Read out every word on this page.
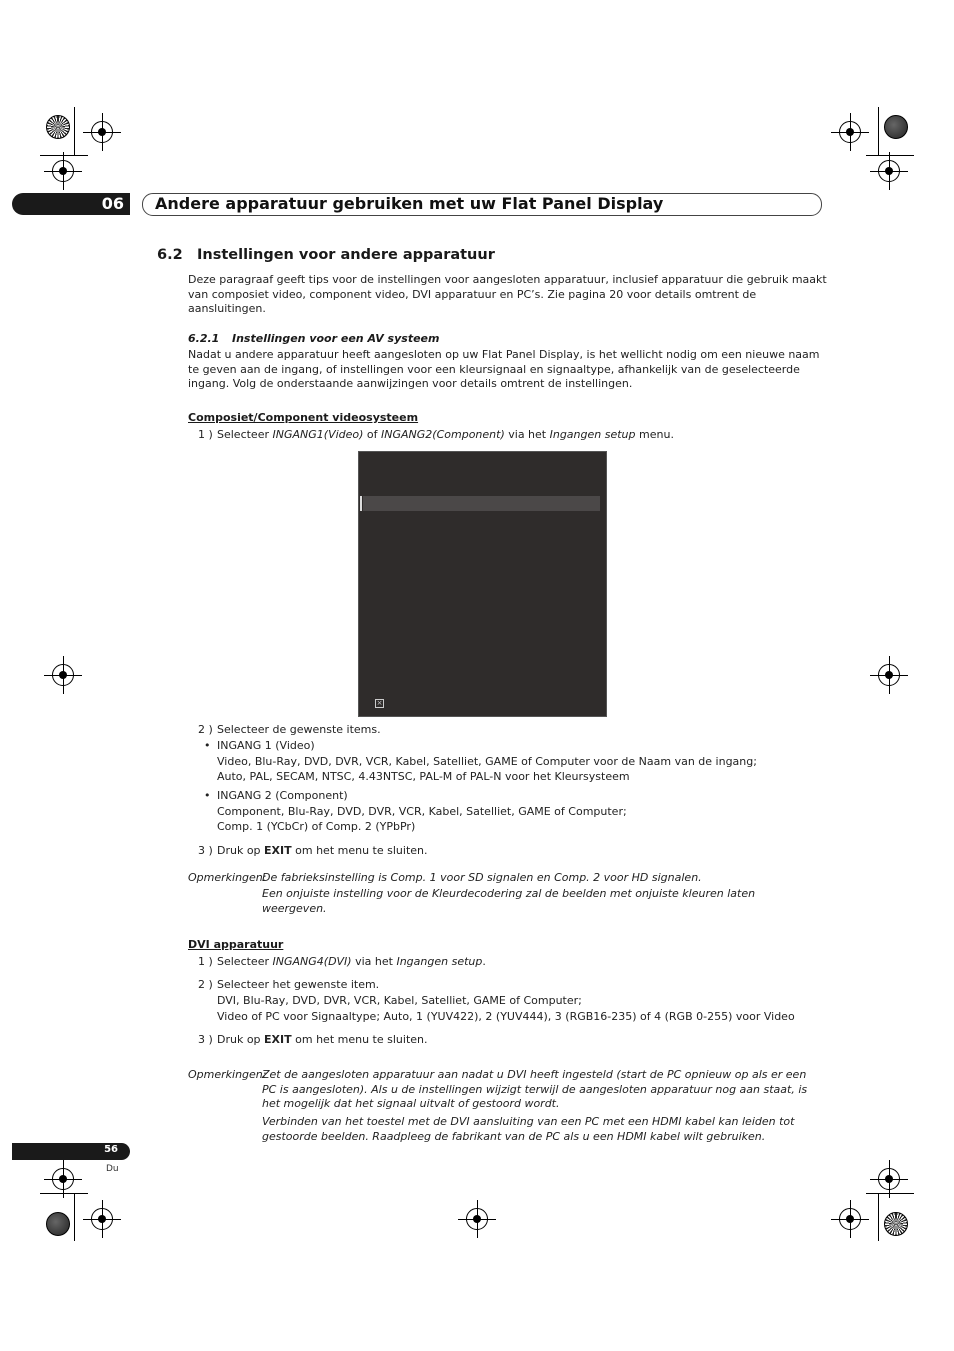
06 Andere apparatuur gebruiken met uw Flat Panel Display
6.2 Instellingen voor andere apparatuur
Deze paragraaf geeft tips voor de instellingen voor aangesloten apparatuur, inclusief apparatuur die gebruik maakt van composiet video, component video, DVI apparatuur en PC’s. Zie pagina 20 voor details omtrent de aansluitingen.
6.2.1 Instellingen voor een AV systeem
Nadat u andere apparatuur heeft aangesloten op uw Flat Panel Display, is het wellicht nodig om een nieuwe naam te geven aan de ingang, of instellingen voor een kleursignaal en signaaltype, afhankelijk van de geselecteerde ingang. Volg de onderstaande aanwijzingen voor details omtrent de instellingen.
Composiet/Component videosysteem
1 ) Selecteer INGANG1(Video) of INGANG2(Component) via het Ingangen setup menu.
×
2 ) Selecteer de gewenste items.
• INGANG 1 (Video)
Video, Blu-Ray, DVD, DVR, VCR, Kabel, Satelliet, GAME of Computer voor de Naam van de ingang;
Auto, PAL, SECAM, NTSC, 4.43NTSC, PAL-M of PAL-N voor het Kleursysteem
• INGANG 2 (Component)
Component, Blu-Ray, DVD, DVR, VCR, Kabel, Satelliet, GAME of Computer;
Comp. 1 (YCbCr) of Comp. 2 (YPbPr)
3 ) Druk op EXIT om het menu te sluiten.
Opmerkingen:
De fabrieksinstelling is Comp. 1 voor SD signalen en Comp. 2 voor HD signalen.
Een onjuiste instelling voor de Kleurdecodering zal de beelden met onjuiste kleuren laten weergeven.
DVI apparatuur
1 ) Selecteer INGANG4(DVI) via het Ingangen setup.
2 ) Selecteer het gewenste item.
DVI, Blu-Ray, DVD, DVR, VCR, Kabel, Satelliet, GAME of Computer;
Video of PC voor Signaaltype; Auto, 1 (YUV422), 2 (YUV444), 3 (RGB16-235) of 4 (RGB 0-255) voor Video
3 ) Druk op EXIT om het menu te sluiten.
Opmerkingen:
Zet de aangesloten apparatuur aan nadat u DVI heeft ingesteld (start de PC opnieuw op als er een PC is aangesloten). Als u de instellingen wijzigt terwijl de aangesloten apparatuur nog aan staat, is het mogelijk dat het signaal uitvalt of gestoord wordt.
Verbinden van het toestel met de DVI aansluiting van een PC met een HDMI kabel kan leiden tot gestoorde beelden. Raadpleeg de fabrikant van de PC als u een HDMI kabel wilt gebruiken.
56
Du
